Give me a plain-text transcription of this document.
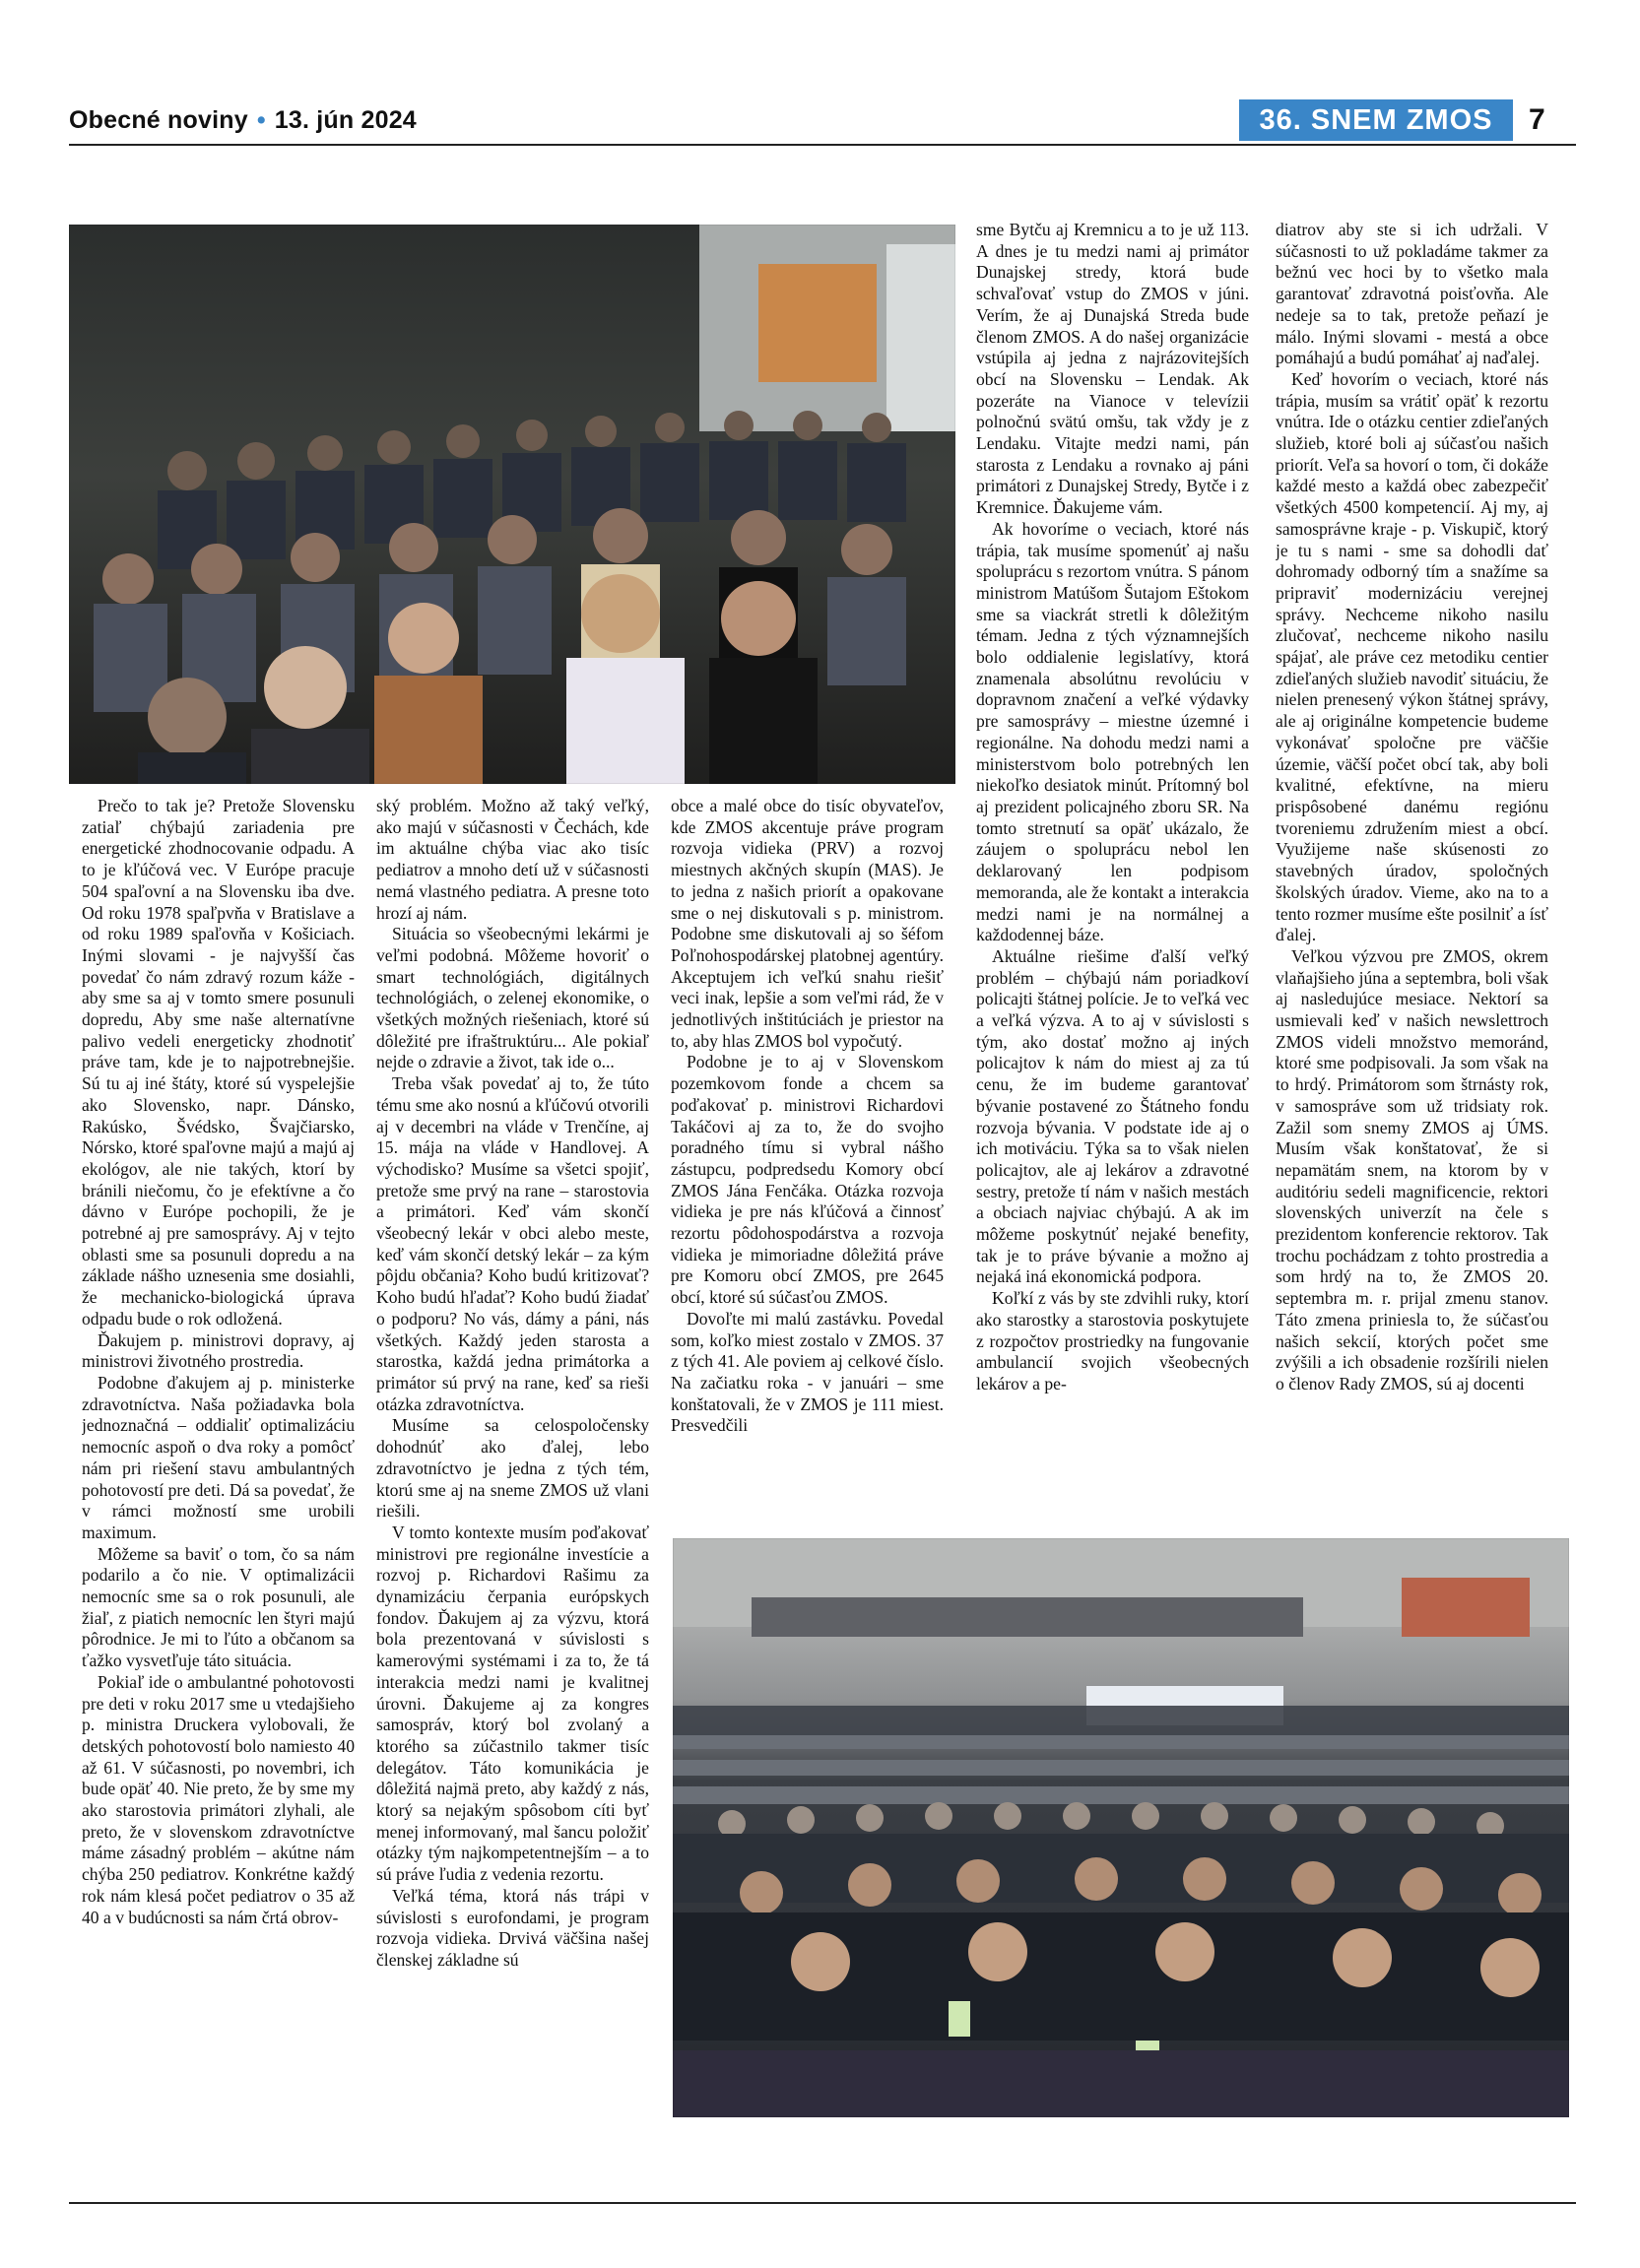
Obecné noviny • 13. jún 2024	36. SNEM ZMOS	7

Prečo to tak je? Pretože Slovensku zatiaľ chýbajú zariadenia pre energetické zhodnocovanie odpadu. A to je kľúčová vec. V Európe pracuje 504 spaľovní a na Slovensku iba dve. Od roku 1978 spaľpvňa v Bratislave a od roku 1989 spaľovňa v Košiciach. Inými slovami - je najvyšší čas povedať čo nám zdravý rozum káže - aby sme sa aj v tomto smere posunuli dopredu, Aby sme naše alternatívne palivo vedeli energeticky zhodnotiť práve tam, kde je to najpotrebnejšie. Sú tu aj iné štáty, ktoré sú vyspelejšie ako Slovensko, napr. Dánsko, Rakúsko, Švédsko, Švajčiarsko, Nórsko, ktoré spaľovne majú a majú aj ekológov, ale nie takých, ktorí by bránili niečomu, čo je efektívne a čo dávno v Európe pochopili, že je potrebné aj pre samosprávy. Aj v tejto oblasti sme sa posunuli dopredu a na základe nášho uznesenia sme dosiahli, že mechanicko-biologická úprava odpadu bude o rok odložená.

Ďakujem p. ministrovi dopravy, aj ministrovi životného prostredia.

Podobne ďakujem aj p. ministerke zdravotníctva. Naša požiadavka bola jednoznačná – oddialiť optimalizáciu nemocníc aspoň o dva roky a pomôcť nám pri riešení stavu ambulantných pohotovostí pre deti. Dá sa povedať, že v rámci možností sme urobili maximum.

Môžeme sa baviť o tom, čo sa nám podarilo a čo nie. V optimalizácii nemocníc sme sa o rok posunuli, ale žiaľ, z piatich nemocníc len štyri majú pôrodnice. Je mi to ľúto a občanom sa ťažko vysvetľuje táto situácia.

Pokiaľ ide o ambulantné pohotovosti pre deti v roku 2017 sme u vtedajšieho p. ministra Druckera vylobovali, že detských pohotovostí bolo namiesto 40 až 61. V súčasnosti, po novembri, ich bude opäť 40. Nie preto, že by sme my ako starostovia primátori zlyhali, ale preto, že v slovenskom zdravotníctve máme zásadný problém – akútne nám chýba 250 pediatrov. Konkrétne každý rok nám klesá počet pediatrov o 35 až 40 a v budúcnosti sa nám črtá obrov-

ský problém. Možno až taký veľký, ako majú v súčasnosti v Čechách, kde im aktuálne chýba viac ako tisíc pediatrov a mnoho detí už v súčasnosti nemá vlastného pediatra. A presne toto hrozí aj nám.

Situácia so všeobecnými lekármi je veľmi podobná. Môžeme hovoriť o smart technológiách, digitálnych technológiách, o zelenej ekonomike, o všetkých možných riešeniach, ktoré sú dôležité pre ifraštruktúru... Ale pokiaľ nejde o zdravie a život, tak ide o...

Treba však povedať aj to, že tútо tému sme ako nosnú a kľúčovú otvorili aj v decembri na vláde v Trenčíne, aj 15. mája na vláde v Handlovej. A východisko? Musíme sa všetci spojiť, pretože sme prvý na rane – starostovia a primátori. Keď vám skončí všeobecný lekár v obci alebo meste, keď vám skončí detský lekár – za kým pôjdu občania? Koho budú kritizovať? Koho budú hľadať? Koho budú žiadať o podporu? No vás, dámy a páni, nás všetkých. Každý jeden starosta a starostka, každá jedna primátorka a primátor sú prvý na rane, keď sa rieši otázka zdravotníctva.

Musíme sa celospoločensky dohodnúť ako ďalej, lebo zdravotníctvo je jedna z tých tém, ktorú sme aj na sneme ZMOS už vlani riešili.

V tomto kontexte musím poďakovať ministrovi pre regionálne investície a rozvoj p. Richardovi Rašimu za dynamizáciu čerpania európskych fondov. Ďakujem aj za výzvu, ktorá bola prezentovaná v súvislosti s kamerovými systémami i za to, že tá interakcia medzi nami je kvalitnej úrovni. Ďakujeme aj za kongres samospráv, ktorý bol zvolaný a ktorého sa zúčastnilo takmer tisíc delegátov. Táto komunikácia je dôležitá najmä preto, aby každý z nás, ktorý sa nejakým spôsobom cíti byť menej informovaný, mal šancu položiť otázky tým najkompetentnejším – a to sú práve ľudia z vedenia rezortu.

Veľká téma, ktorá nás trápi v súvislosti s eurofondami, je program rozvoja vidieka. Drvivá väčšina našej členskej základne sú

obce a malé obce do tisíc obyvateľov, kde ZMOS akcentuje práve program rozvoja vidieka (PRV) a rozvoj miestnych akčných skupín (MAS). Je to jedna z našich priorít a opakovane sme o nej diskutovali s p. ministrom. Podobne sme diskutovali aj so šéfom Poľnohospodárskej platobnej agentúry. Akceptujem ich veľkú snahu riešiť veci inak, lepšie a som veľmi rád, že v jednotlivých inštitúciách je priestor na to, aby hlas ZMOS bol vypočutý.

Podobne je to aj v Slovenskom pozemkovom fonde a chcem sa poďakovať p. ministrovi Richardovi Takáčovi aj za to, že do svojho poradného tímu si vybral nášho zástupcu, podpredsedu Komory obcí ZMOS Jána Fenčáka. Otázka rozvoja vidieka je pre nás kľúčová a činnosť rezortu pôdohospodárstva a rozvoja vidieka je mimoriadne dôležitá práve pre Komoru obcí ZMOS, pre 2645 obcí, ktoré sú súčasťou ZMOS.

Dovoľte mi malú zastávku. Povedal som, koľko miest zostalo v ZMOS. 37 z tých 41. Ale poviem aj celkové číslo. Na začiatku roka - v januári – sme konštatovali, že v ZMOS je 111 miest. Presvedčili

sme Bytču aj Kremnicu a to je už 113. A dnes je tu medzi nami aj primátor Dunajskej stredy, ktorá bude schvaľovať vstup do ZMOS v júni. Verím, že aj Dunajská Streda bude členom ZMOS. A do našej organizácie vstúpila aj jedna z najrázovitejších obcí na Slovensku – Lendak. Ak pozeráte na Vianoce v televízii polnočnú svätú omšu, tak vždy je z Lendaku. Vitajte medzi nami, pán starosta z Lendaku a rovnako aj páni primátori z Dunajskej Stredy, Bytče i z Kremnice. Ďakujeme vám.

Ak hovoríme o veciach, ktoré nás trápia, tak musíme spomenúť aj našu spoluprácu s rezortom vnútra. S pánom ministrom Matúšom Šutajom Eštokom sme sa viackrát stretli k dôležitým témam. Jedna z tých významnejších bolo oddialenie legislatívy, ktorá znamenala absolútnu revolúciu v dopravnom značení a veľké výdavky pre samosprávy – miestne územné i regionálne. Na dohodu medzi nami a ministerstvom bolo potrebných len niekoľko desiatok minút. Prítomný bol aj prezident policajného zboru SR. Na tomto stretnutí sa opäť ukázalo, že záujem o spoluprácu nebol len deklarovaný len podpisom memoranda, ale že kontakt a interakcia medzi nami je na normálnej a každodennej báze.

Aktuálne riešime ďalší veľký problém – chýbajú nám poriadkoví policajti štátnej polície. Je to veľká vec a veľká výzva. A to aj v súvislosti s tým, ako dostať možno aj iných policajtov k nám do miest aj za tú cenu, že im budeme garantovať bývanie postavené zo Štátneho fondu rozvoja bývania. V podstate ide aj o ich motiváciu. Týka sa to však nielen policajtov, ale aj lekárov a zdravotné sestry, pretože tí nám v našich mestách a obciach najviac chýbajú. A ak im môžeme poskytnúť nejaké benefity, tak je to práve bývanie a možno aj nejaká iná ekonomická podpora.

Koľkí z vás by ste zdvihli ruky, ktorí ako starostky a starostovia poskytujete z rozpočtov prostriedky na fungovanie ambulancií svojich všeobecných lekárov a pe-

diatrov aby ste si ich udržali. V súčasnosti to už pokladáme takmer za bežnú vec hoci by to všetko mala garantovať zdravotná poisťovňa. Ale nedeje sa to tak, pretože peňazí je málo. Inými slovami - mestá a obce pomáhajú a budú pomáhať aj naďalej.

Keď hovorím o veciach, ktoré nás trápia, musím sa vrátiť opäť k rezortu vnútra. Ide o otázku centier zdieľaných služieb, ktoré boli aj súčasťou našich priorít. Veľa sa hovorí o tom, či dokáže každé mesto a každá obec zabezpečiť všetkých 4500 kompetencií. Aj my, aj samosprávne kraje - p. Viskupič, ktorý je tu s nami - sme sa dohodli dať dohromady odborný tím a snažíme sa pripraviť modernizáciu verejnej správy. Nechceme nikoho nasilu zlučovať, nechceme nikoho nasilu spájať, ale práve cez metodiku centier zdieľaných služieb navodiť situáciu, že nielen prenesený výkon štátnej správy, ale aj originálne kompetencie budeme vykonávať spoločne pre väčšie územie, väčší počet obcí tak, aby boli kvalitné, efektívne, na mieru prispôsobené danému regiónu tvoreniemu združením miest a obcí. Využijeme naše skúsenosti zo stavebných úradov, spoločných školských úradov. Vieme, ako na to a tento rozmer musíme ešte posilniť a ísť ďalej.

Veľkou výzvou pre ZMOS, okrem vlaňajšieho júna a septembra, boli však aj nasledujúce mesiace. Nektorí sa usmievali keď v našich newslettroch ZMOS videli množstvo memoránd, ktoré sme podpisovali. Ja som však na to hrdý. Primátorom som štrnásty rok, v samospráve som už tridsiaty rok. Zažil som snemy ZMOS aj ÚMS. Musím však konštatovať, že si nepamätám snem, na ktorom by v auditóriu sedeli magnificencie, rektori slovenských univerzít na čele s prezidentom konferencie rektorov. Tak trochu pochádzam z tohto prostredia a som hrdý na to, že ZMOS 20. septembra m. r. prijal zmenu stanov. Táto zmena priniesla to, že súčasťou našich sekcií, ktorých počet sme zvýšili a ich obsadenie rozšírili nielen o členov Rady ZMOS, sú aj docenti
